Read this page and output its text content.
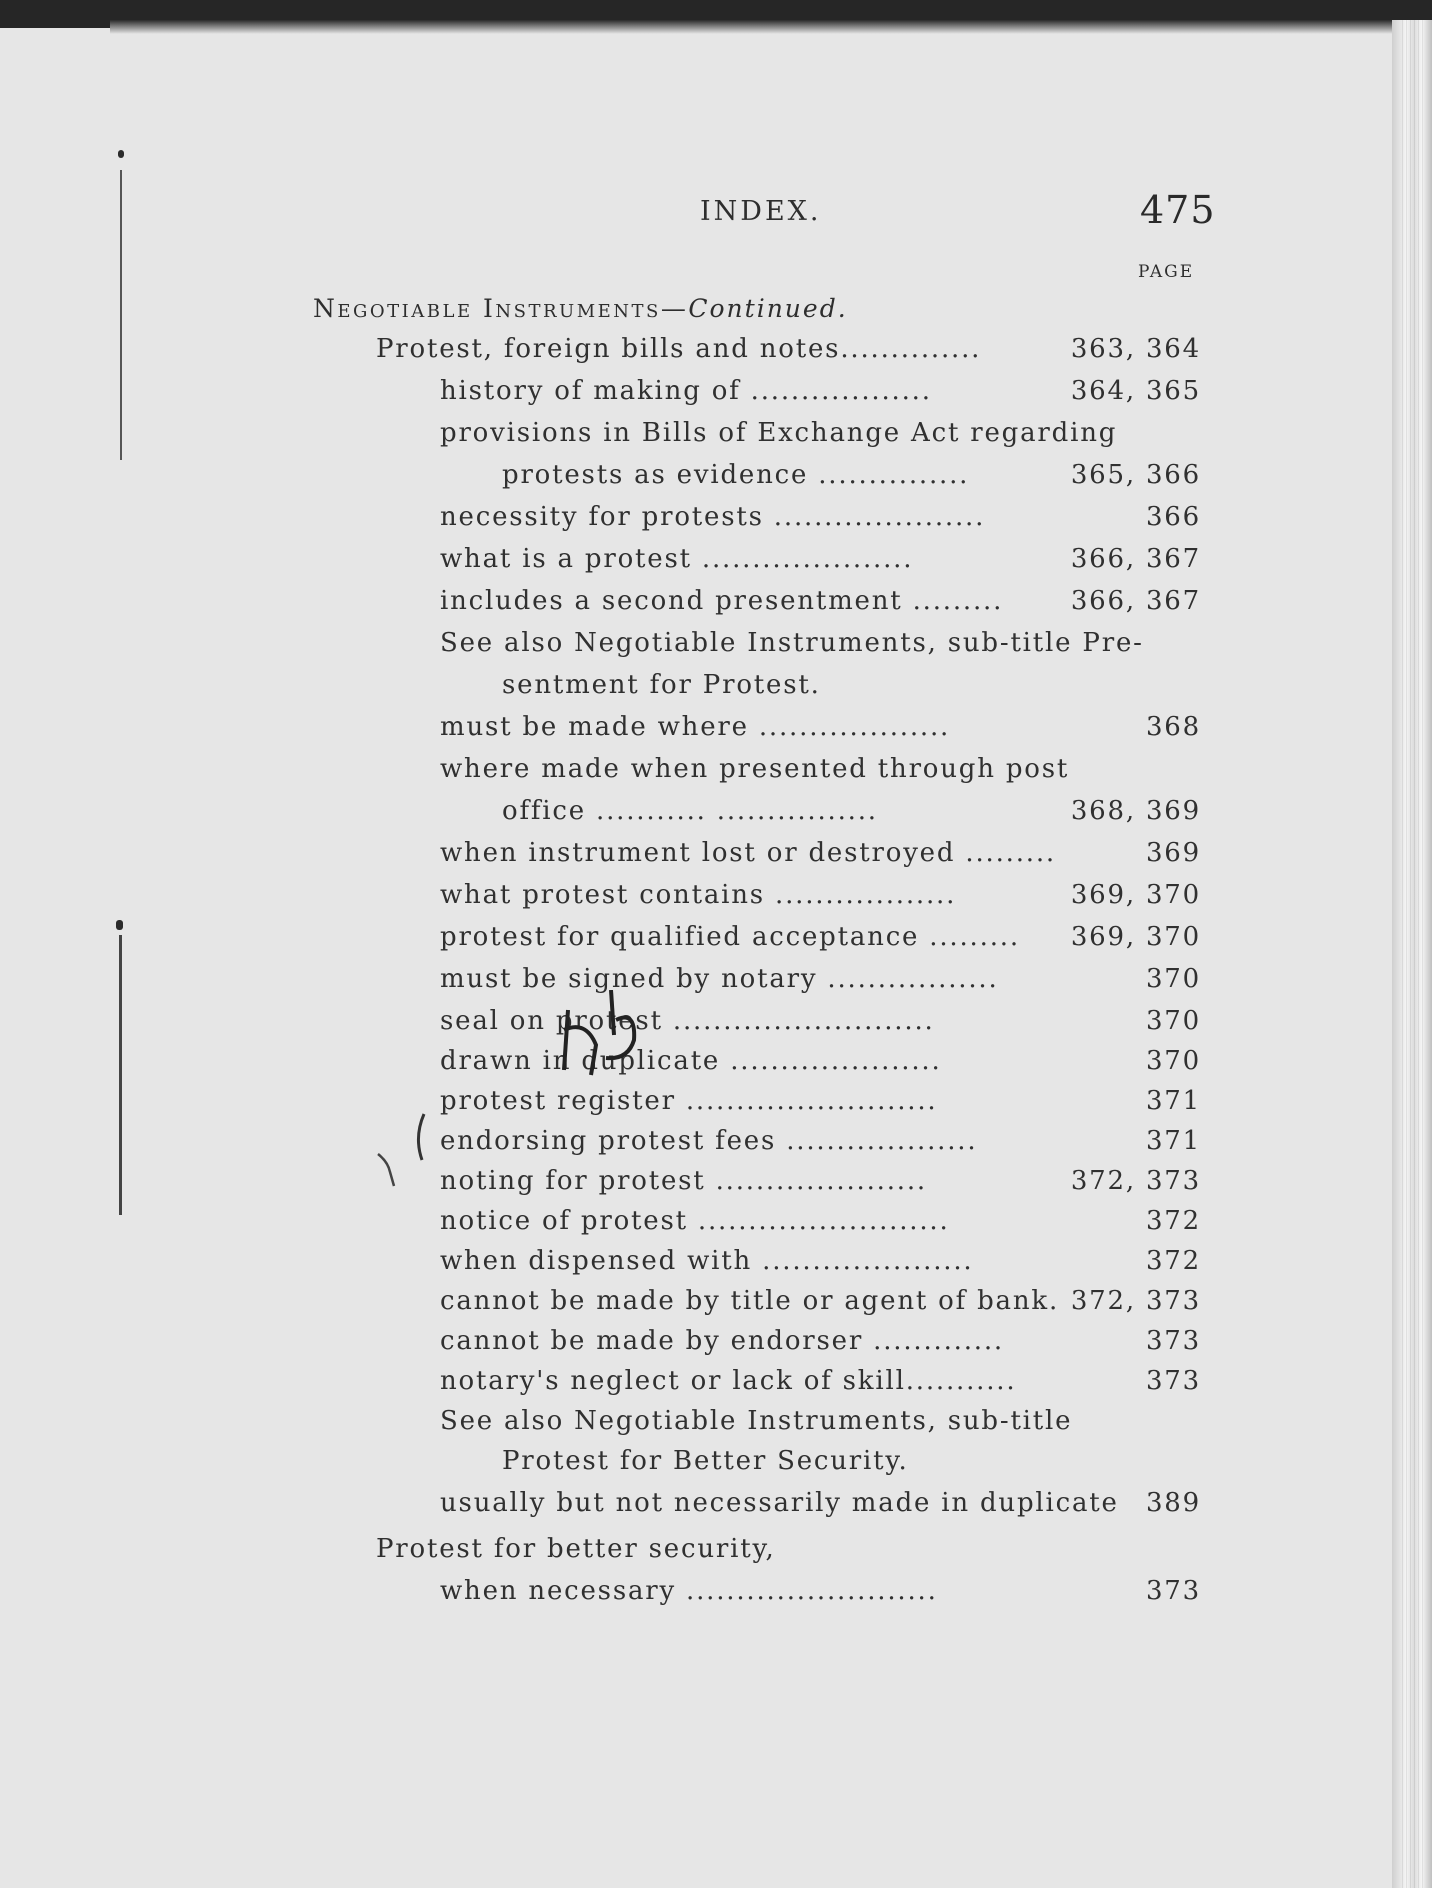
INDEX.	475
PAGE
Negotiable Instruments—Continued.
Protest, foreign bills and notes..............	363, 364
history of making of ..................	364, 365
provisions in Bills of Exchange Act regarding
protests as evidence ...............	365, 366
necessity for protests .....................	366
what is a protest .....................	366, 367
includes a second presentment .........	366, 367
See also Negotiable Instruments, sub-title Pre-
sentment for Protest.
must be made where ...................	368
where made when presented through post
office ........... ................	368, 369
when instrument lost or destroyed .........	369
what protest contains ..................	369, 370
protest for qualified acceptance ......... 369, 370
must be signed by notary .................	370
seal on protest ..........................	370
drawn in duplicate .....................	370
protest register .........................	371
endorsing protest fees ...................	371
noting for protest .....................	372, 373
notice of protest .........................	372
when dispensed with .....................	372
cannot be made by title or agent of bank. 372, 373
cannot be made by endorser .............	373
notary's neglect or lack of skill...........	373
See also Negotiable Instruments, sub-title
Protest for Better Security.
usually but not necessarily made in duplicate 389
Protest for better security,
when necessary .........................	373
